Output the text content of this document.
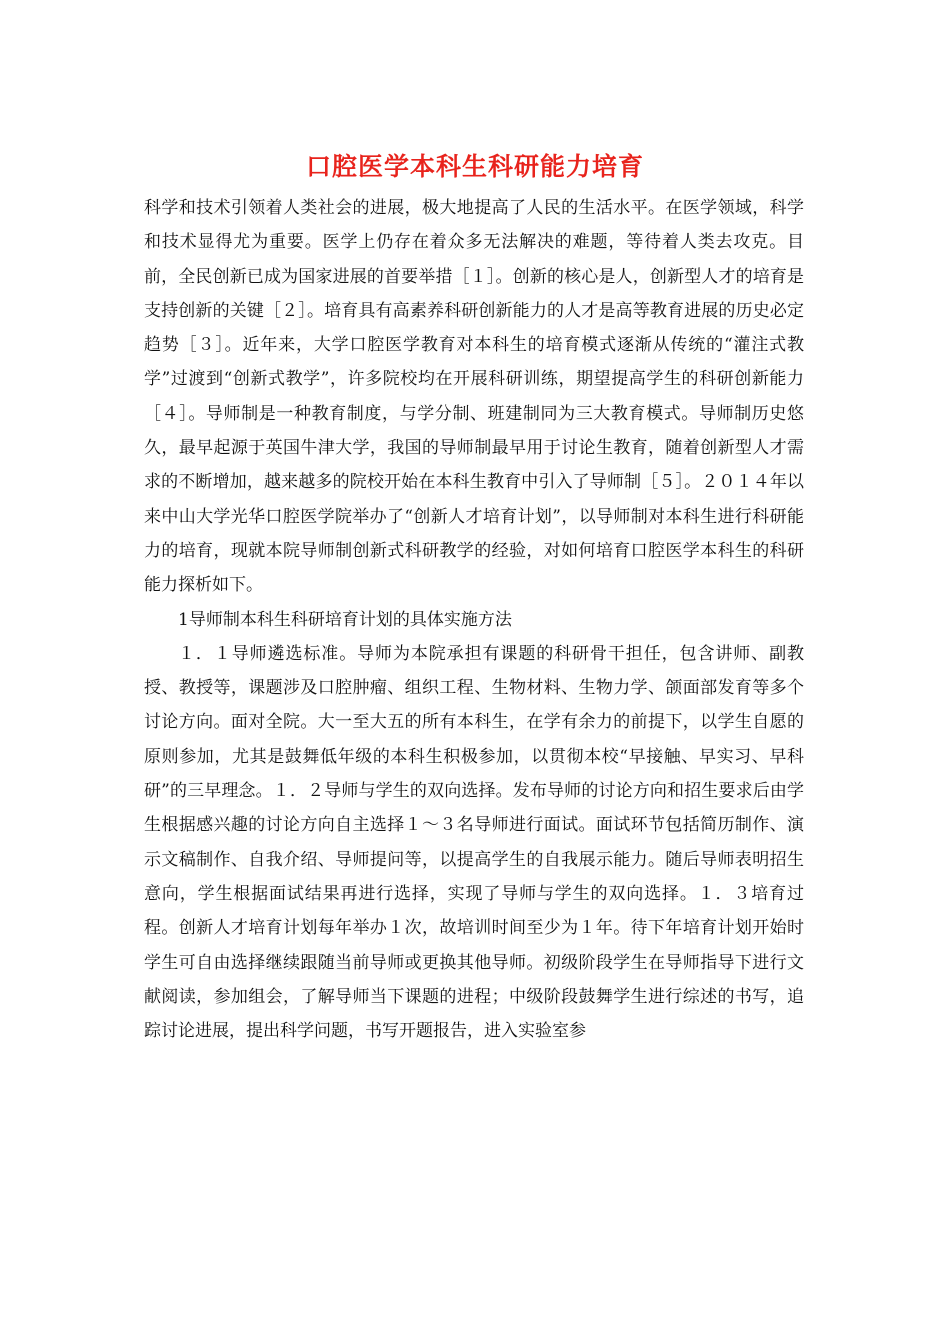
口腔医学本科生科研能力培育

科学和技术引领着人类社会的进展，极大地提高了人民的生活水平。在医学领域，科学和技术显得尤为重要。医学上仍存在着众多无法解决的难题，等待着人类去攻克。目前，全民创新已成为国家进展的首要举措［１］。创新的核心是人，创新型人才的培育是支持创新的关键［２］。培育具有高素养科研创新能力的人才是高等教育进展的历史必定趋势［３］。近年来，大学口腔医学教育对本科生的培育模式逐渐从传统的“灌注式教学”过渡到“创新式教学”，许多院校均在开展科研训练，期望提高学生的科研创新能力［４］。导师制是一种教育制度，与学分制、班建制同为三大教育模式。导师制历史悠久，最早起源于英国牛津大学，我国的导师制最早用于讨论生教育，随着创新型人才需求的不断增加，越来越多的院校开始在本科生教育中引入了导师制［５］。２０１４年以来中山大学光华口腔医学院举办了“创新人才培育计划”，以导师制对本科生进行科研能力的培育，现就本院导师制创新式科研教学的经验，对如何培育口腔医学本科生的科研能力探析如下。

1导师制本科生科研培育计划的具体实施方法

１．１导师遴选标准。导师为本院承担有课题的科研骨干担任，包含讲师、副教授、教授等，课题涉及口腔肿瘤、组织工程、生物材料、生物力学、颌面部发育等多个讨论方向。面对全院。大一至大五的所有本科生，在学有余力的前提下，以学生自愿的原则参加，尤其是鼓舞低年级的本科生积极参加，以贯彻本校“早接触、早实习、早科研”的三早理念。１．２导师与学生的双向选择。发布导师的讨论方向和招生要求后由学生根据感兴趣的讨论方向自主选择１～３名导师进行面试。面试环节包括简历制作、演示文稿制作、自我介绍、导师提问等，以提高学生的自我展示能力。随后导师表明招生意向，学生根据面试结果再进行选择，实现了导师与学生的双向选择。１．３培育过程。创新人才培育计划每年举办１次，故培训时间至少为１年。待下年培育计划开始时学生可自由选择继续跟随当前导师或更换其他导师。初级阶段学生在导师指导下进行文献阅读，参加组会，了解导师当下课题的进程；中级阶段鼓舞学生进行综述的书写，追踪讨论进展，提出科学问题，书写开题报告，进入实验室参
